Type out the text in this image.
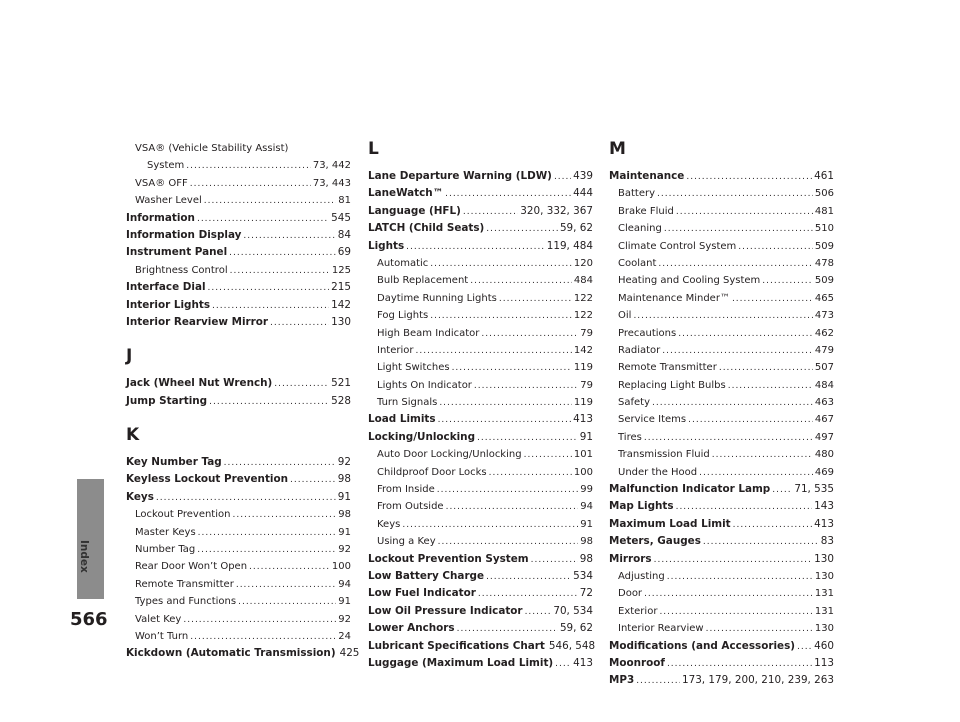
Index
566
VSA® (Vehicle Stability Assist)
System .....	73, 442
VSA® OFF .....	73, 443
Washer Level .....	81
Information .....	545
Information Display .....	84
Instrument Panel .....	69
Brightness Control .....	125
Interface Dial .....	215
Interior Lights .....	142
Interior Rearview Mirror .....	130
J
Jack (Wheel Nut Wrench) .....	521
Jump Starting .....	528
K
Key Number Tag .....	92
Keyless Lockout Prevention .....	98
Keys .....	91
Lockout Prevention .....	98
Master Keys .....	91
Number Tag .....	92
Rear Door Won’t Open .....	100
Remote Transmitter .....	94
Types and Functions .....	91
Valet Key .....	92
Won’t Turn .....	24
Kickdown (Automatic Transmission) 425
L
Lane Departure Warning (LDW) ..... 439
LaneWatch™ .....	444
Language (HFL) .....	320, 332, 367
LATCH (Child Seats) .....	59, 62
Lights .....	119, 484
Automatic .....	120
Bulb Replacement .....	484
Daytime Running Lights .....	122
Fog Lights .....	122
High Beam Indicator .....	79
Interior .....	142
Light Switches .....	119
Lights On Indicator .....	79
Turn Signals .....	119
Load Limits .....	413
Locking/Unlocking .....	91
Auto Door Locking/Unlocking .....	101
Childproof Door Locks .....	100
From Inside .....	99
From Outside .....	94
Keys .....	91
Using a Key .....	98
Lockout Prevention System .....	98
Low Battery Charge .....	534
Low Fuel Indicator .....	72
Low Oil Pressure Indicator .....	70, 534
Lower Anchors .....	59, 62
Lubricant Specifications Chart 546, 548
Luggage (Maximum Load Limit) ..... 413
M
Maintenance .....	461
Battery .....	506
Brake Fluid .....	481
Cleaning .....	510
Climate Control System .....	509
Coolant .....	478
Heating and Cooling System .....	509
Maintenance Minder™ .....	465
Oil .....	473
Precautions .....	462
Radiator .....	479
Remote Transmitter .....	507
Replacing Light Bulbs .....	484
Safety .....	463
Service Items .....	467
Tires .....	497
Transmission Fluid .....	480
Under the Hood .....	469
Malfunction Indicator Lamp ..... 71, 535
Map Lights .....	143
Maximum Load Limit .....	413
Meters, Gauges .....	83
Mirrors .....	130
Adjusting .....	130
Door .....	131
Exterior .....	131
Interior Rearview .....	130
Modifications (and Accessories) ..... 460
Moonroof .....	113
MP3 .....	173, 179, 200, 210, 239, 263
